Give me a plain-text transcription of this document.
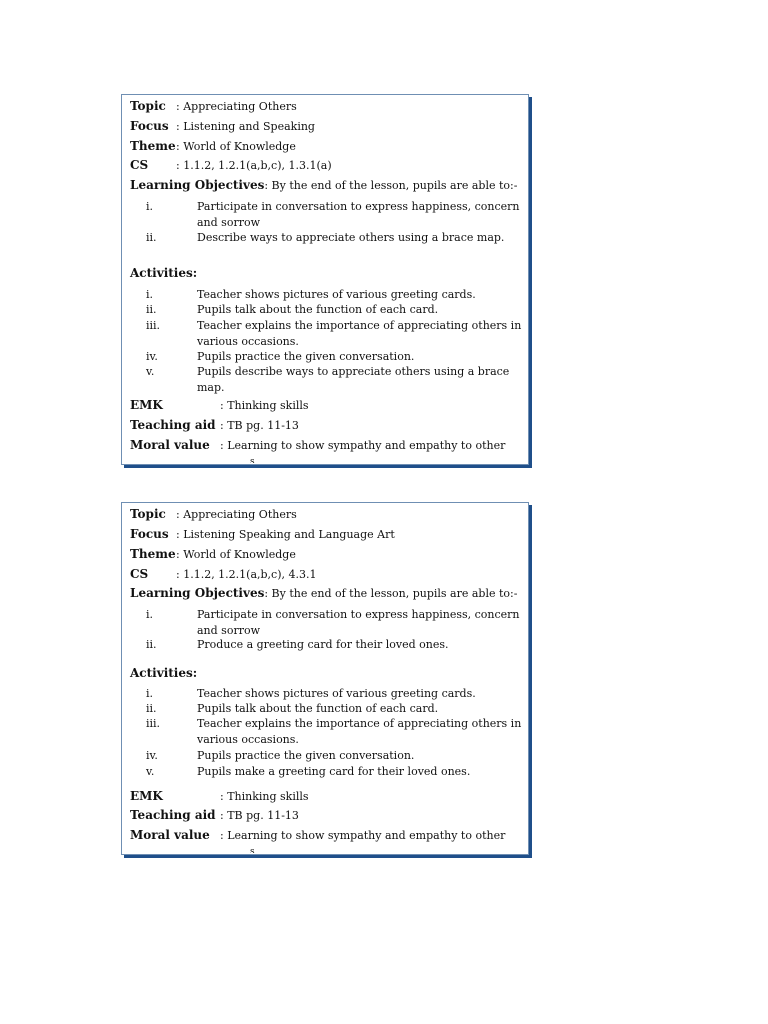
Topic : Appreciating Others
Focus : Listening and Speaking
Theme: World of Knowledge
CS	: 1.1.2, 1.2.1(a,b,c), 1.3.1(a)
Learning Objectives: By the end of the lesson, pupils are able to:-
i.	Participate in conversation to express happiness, concern and sorrow
ii.	Describe ways to appreciate others using a brace map.
Activities:
i.	Teacher shows pictures of various greeting cards.
ii.	Pupils talk about the function of each card.
iii.	Teacher explains the importance of appreciating others in various occasions.
iv.	Pupils practice the given conversation.
v.	Pupils describe ways to appreciate others using a brace map.
EMK	: Thinking skills
Teaching aid : TB pg. 11-13
Moral value : Learning to show sympathy and empathy to other
s
Topic : Appreciating Others
Focus : Listening Speaking and Language Art
Theme: World of Knowledge
CS	: 1.1.2, 1.2.1(a,b,c), 4.3.1
Learning Objectives: By the end of the lesson, pupils are able to:-
i.	Participate in conversation to express happiness, concern and sorrow
ii.	Produce a greeting card for their loved ones.
Activities:
i.	Teacher shows pictures of various greeting cards.
ii.	Pupils talk about the function of each card.
iii.	Teacher explains the importance of appreciating others in various occasions.
iv.	Pupils practice the given conversation.
v.	Pupils make a greeting card for their loved ones.
EMK	: Thinking skills
Teaching aid : TB pg. 11-13
Moral value : Learning to show sympathy and empathy to other
s
